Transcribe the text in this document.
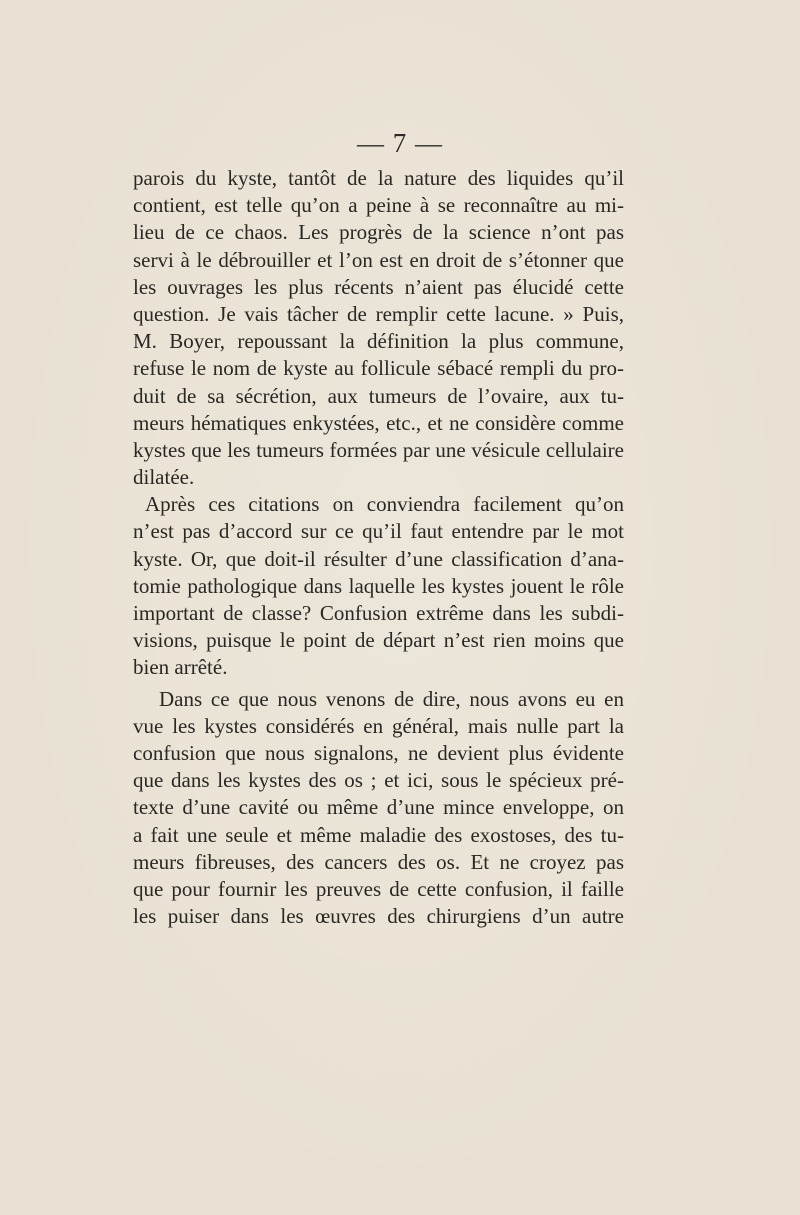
— 7 —
parois du kyste, tantôt de la nature des liquides qu’il
contient, est telle qu’on a peine à se reconnaître au mi-
lieu de ce chaos. Les progrès de la science n’ont pas
servi à le débrouiller et l’on est en droit de s’étonner que
les ouvrages les plus récents n’aient pas élucidé cette
question. Je vais tâcher de remplir cette lacune. » Puis,
M. Boyer, repoussant la définition la plus commune,
refuse le nom de kyste au follicule sébacé rempli du pro-
duit de sa sécrétion, aux tumeurs de l’ovaire, aux tu-
meurs hématiques enkystées, etc., et ne considère comme
kystes que les tumeurs formées par une vésicule cellulaire
dilatée.
Après ces citations on conviendra facilement qu’on
n’est pas d’accord sur ce qu’il faut entendre par le mot
kyste. Or, que doit-il résulter d’une classification d’ana-
tomie pathologique dans laquelle les kystes jouent le rôle
important de classe? Confusion extrême dans les subdi-
visions, puisque le point de départ n’est rien moins que
bien arrêté.
Dans ce que nous venons de dire, nous avons eu en
vue les kystes considérés en général, mais nulle part la
confusion que nous signalons, ne devient plus évidente
que dans les kystes des os ; et ici, sous le spécieux pré-
texte d’une cavité ou même d’une mince enveloppe, on
a fait une seule et même maladie des exostoses, des tu-
meurs fibreuses, des cancers des os. Et ne croyez pas
que pour fournir les preuves de cette confusion, il faille
les puiser dans les œuvres des chirurgiens d’un autre
